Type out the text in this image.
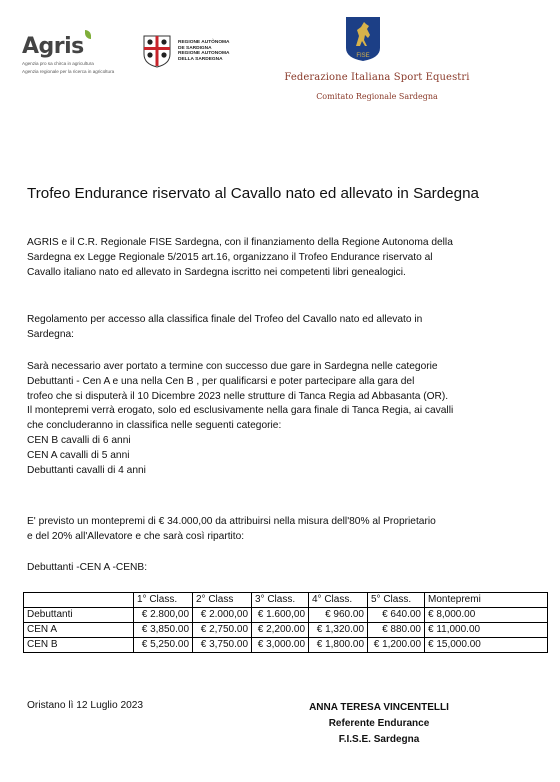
Agris
Agenzia pro sa chirca in agricultura
Agenzia regionale per la ricerca in agricoltura
REGIONE AUTÒNOMA
DE SARDIGNA
REGIONE AUTONOMA
DELLA SARDEGNA
FISE
Federazione Italiana Sport Equestri
Comitato Regionale Sardegna
Trofeo Endurance riservato al Cavallo nato ed allevato in Sardegna
AGRIS e il C.R. Regionale FISE Sardegna, con il finanziamento della Regione Autonoma della
Sardegna ex Legge Regionale 5/2015 art.16, organizzano il Trofeo Endurance riservato al
Cavallo italiano nato ed allevato in Sardegna iscritto nei competenti libri genealogici.
Regolamento per accesso alla classifica finale del Trofeo del Cavallo nato ed allevato in
Sardegna:
Sarà necessario aver portato a termine con successo due gare in Sardegna nelle categorie
Debuttanti - Cen A e una nella Cen B , per qualificarsi e poter partecipare alla gara del
trofeo che si disputerà il 10 Dicembre 2023 nelle strutture di Tanca Regia ad Abbasanta (OR).
Il montepremi verrà erogato, solo ed esclusivamente nella gara finale di Tanca Regia, ai cavalli
che concluderanno in classifica nelle seguenti categorie:
CEN B cavalli di 6 anni
CEN A cavalli di 5 anni
Debuttanti cavalli di 4 anni
E' previsto un montepremi di € 34.000,00 da attribuirsi nella misura dell'80% al Proprietario
e del 20% all'Allevatore e che sarà così ripartito:
Debuttanti -CEN A -CENB:
	1° Class.	2° Class	3° Class.	4° Class.	5° Class.	Montepremi
Debuttanti	€ 2.800,00	€ 2.000,00	€ 1.600,00	€ 960.00	€ 640.00	€ 8,000.00
CEN A	€ 3,850.00	€ 2,750.00	€ 2,200.00	€ 1,320.00	€ 880.00	€ 11,000.00
CEN B	€ 5,250.00	€ 3,750.00	€ 3,000.00	€ 1,800.00	€ 1,200.00	€ 15,000.00
Oristano lì 12 Luglio 2023	ANNA TERESA VINCENTELLI
Referente Endurance
F.I.S.E. Sardegna
